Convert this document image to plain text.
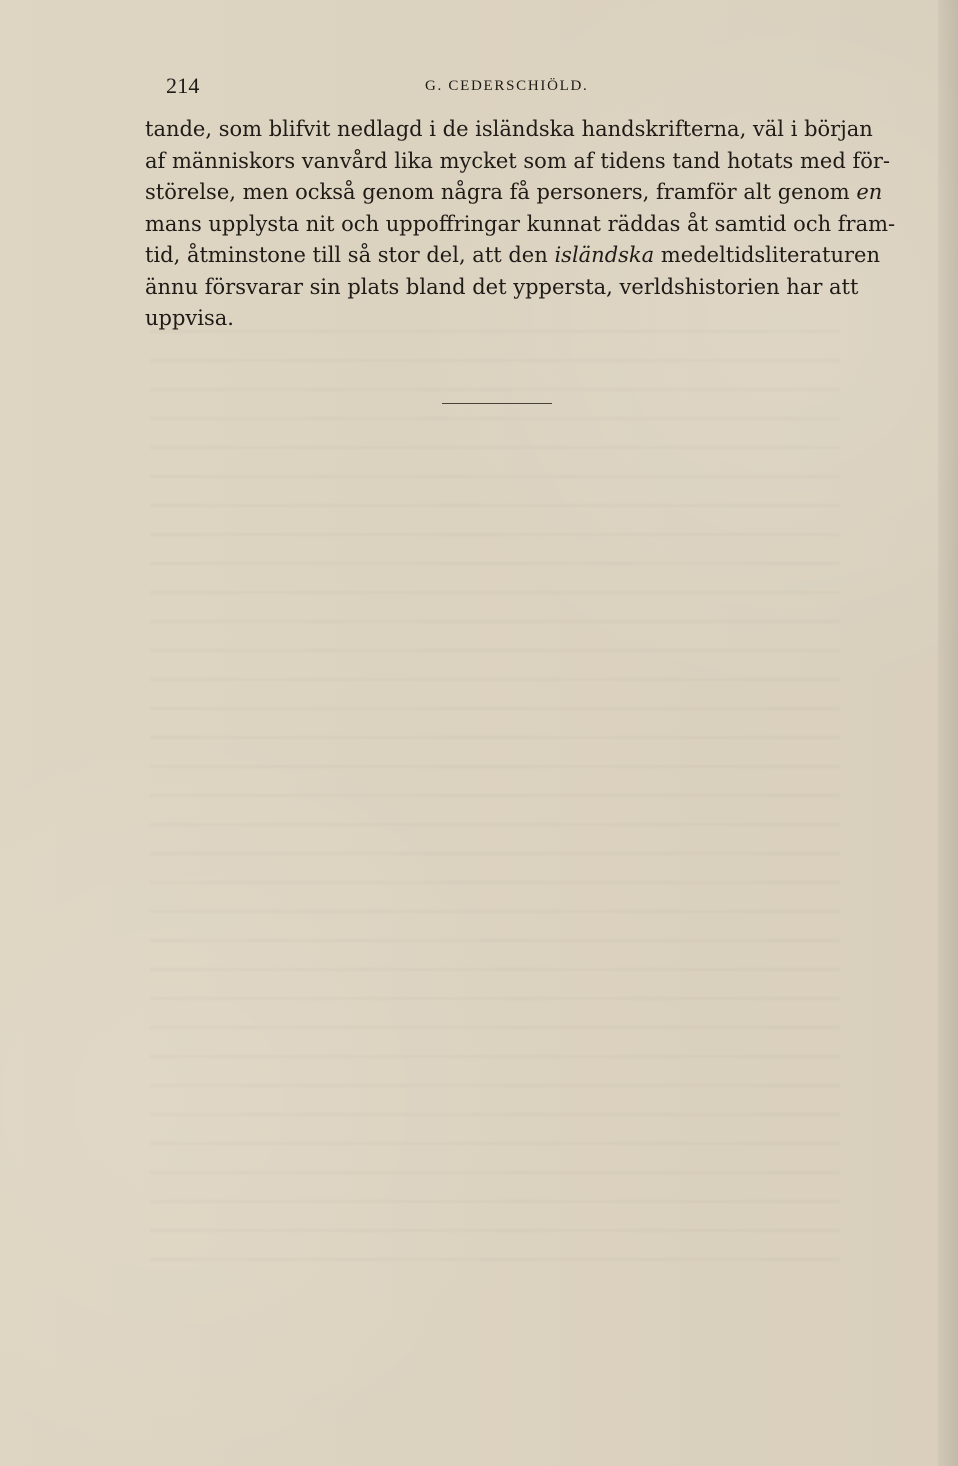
214	G. CEDERSCHIÖLD.
tande, som blifvit nedlagd i de isländska handskrifterna, väl i början
af människors vanvård lika mycket som af tidens tand hotats med för-
störelse, men också genom några få personers, framför alt genom en
mans upplysta nit och uppoffringar kunnat räddas åt samtid och fram-
tid, åtminstone till så stor del, att den isländska medeltidsliteraturen
ännu försvarar sin plats bland det yppersta, verldshistorien har att
uppvisa.
